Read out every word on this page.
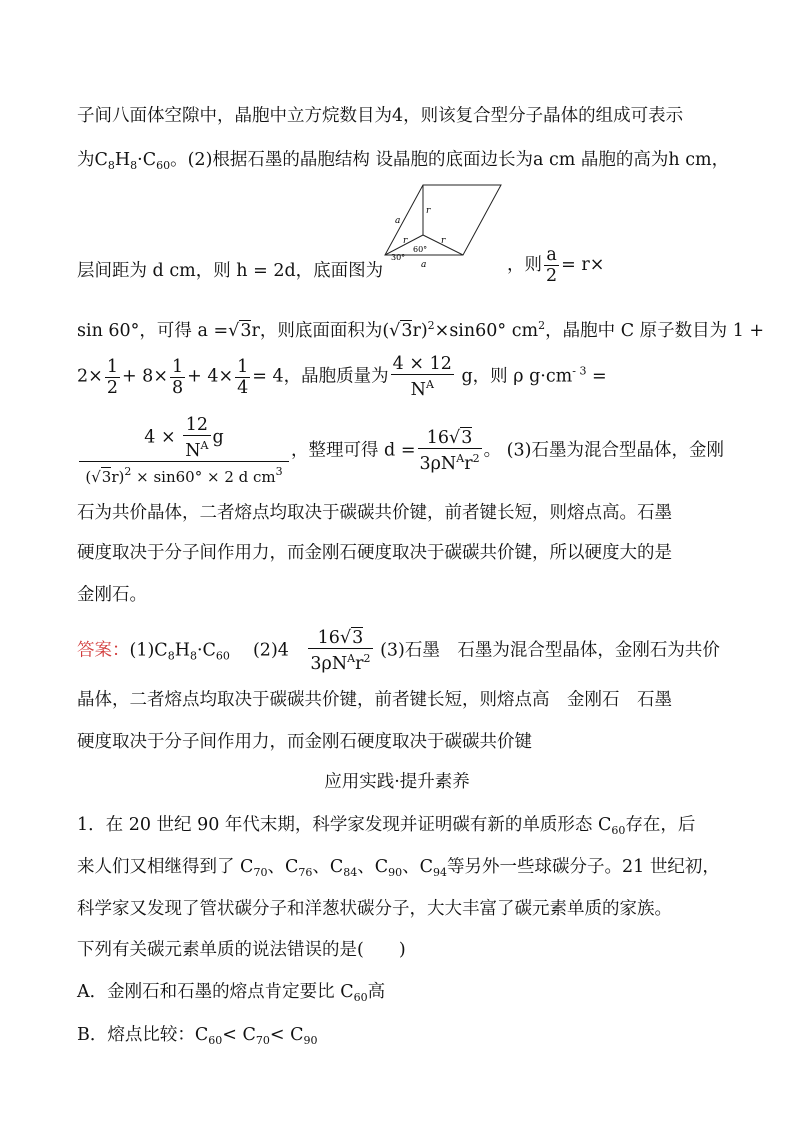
子间八面体空隙中，晶胞中立方烷数目为4，则该复合型分子晶体的组成可表示
为$C_8H_8\cdot C_{60}$。(2)根据石墨的晶胞结构 设晶胞的底面边长为a cm 晶胞的高为h cm，
a
r
r	r
a
60°
30°
层间距为 d cm，则 h = 2d，底面图为	，则 $\frac{a}{2} = r\times$
sin 60°，可得 a =√3r，则底面面积为$(√3r)^2\times\sin 60^\circ$ $cm^2$，晶胞中 C 原子数目为 1 +
$2\times \frac{1}{2} + 8\times \frac{1}{8} + 4\times \frac{1}{4} = 4$，晶胞质量为 $\frac{4 \times 12}{N^A}$ g，则 ρ $g\cdot cm^{- 3}$ =
$\frac{4 \times \frac{12}{N^A} g}{(√3r)^2 \times \sin 60^\circ \times 2 d cm^3}$ ，整理可得 $d = \frac{16√3}{3\rho N^Ar^2}$ 。 (3)石墨为混合型晶体，金刚
石为共价晶体，二者熔点均取决于碳碳共价键，前者键长短，则熔点高。石墨
硬度取决于分子间作用力，而金刚石硬度取决于碳碳共价键，所以硬度大的是
金刚石。
答案：$(1)C_8H_8\cdot C_{60}$　 (2)4　 $\frac{16√3}{3\rho N^Ar^2} (3)$石墨　石墨为混合型晶体，金刚石为共价
晶体，二者熔点均取决于碳碳共价键，前者键长短，则熔点高　金刚石　石墨
硬度取决于分子间作用力，而金刚石硬度取决于碳碳共价键
应用实践·提升素养
1．在 20 世纪 90 年代末期，科学家发现并证明碳有新的单质形态 $C_{60}$存在，后
来人们又相继得到了 $C_{70}$、$C_{76}$、$C_{84}$、$C_{90}$、$C_{94}$等另外一些球碳分子。21 世纪初，
科学家又发现了管状碳分子和洋葱状碳分子，大大丰富了碳元素单质的家族。
下列有关碳元素单质的说法错误的是(　　)
A．金刚石和石墨的熔点肯定要比 $C_{60}$高
B．熔点比较：$C_{60}< C_{70}< C_{90}$
